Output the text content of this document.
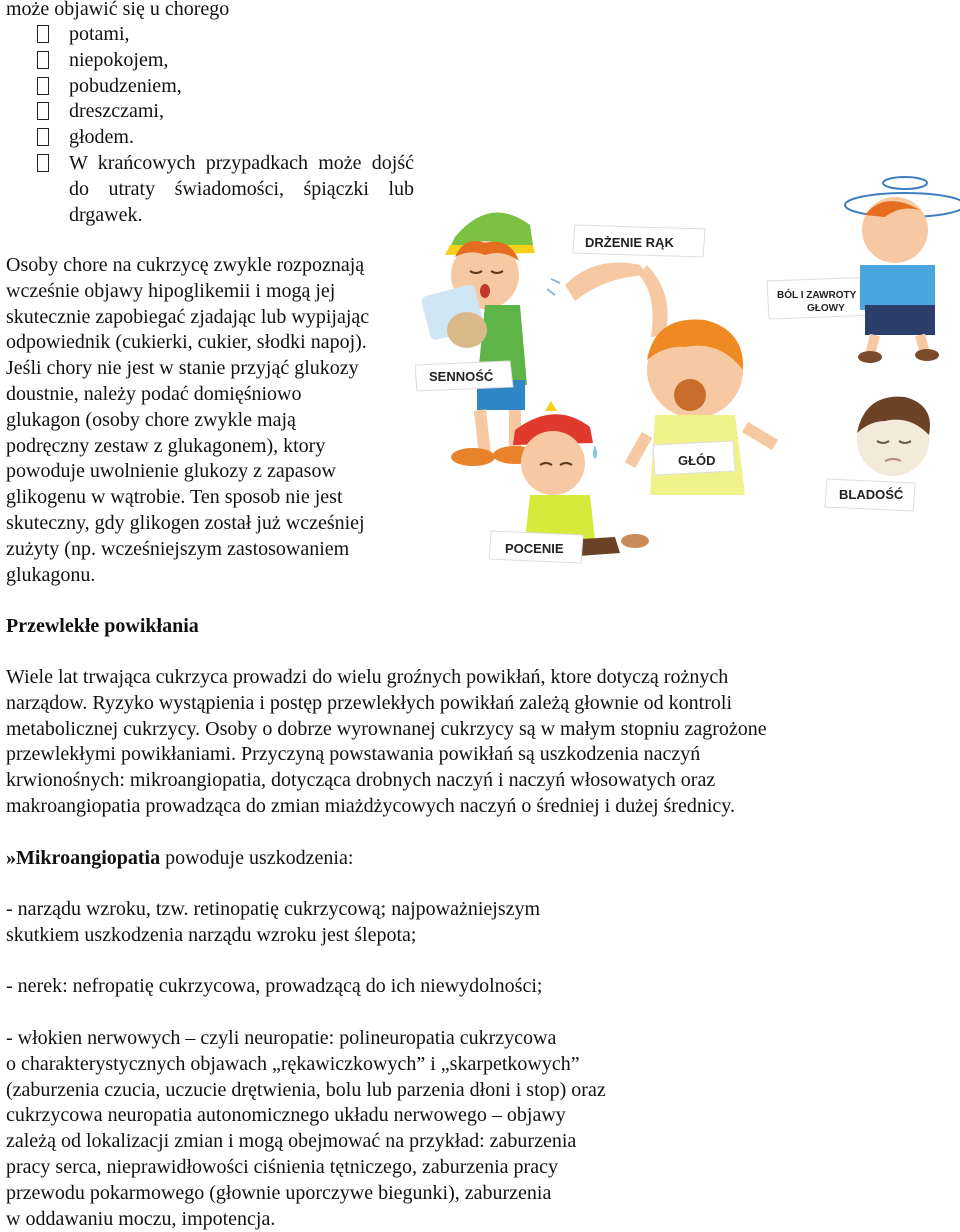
może objawić się u chorego
potami,
niepokojem,
pobudzeniem,
dreszczami,
głodem.
W krańcowych przypadkach może dojść do utraty świadomości, śpiączki lub drgawek.
Osoby chore na cukrzycę zwykle rozpoznają
wcześnie objawy hipoglikemii i mogą jej
skutecznie zapobiegać zjadając lub wypijając
odpowiednik (cukierki, cukier, słodki napoj).
Jeśli chory nie jest w stanie przyjąć glukozy
doustnie, należy podać domięśniowo
glukagon (osoby chore zwykle mają
podręczny zestaw z glukagonem), ktory
powoduje uwolnienie glukozy z zapasow
glikogenu w wątrobie. Ten sposob nie jest
skuteczny, gdy glikogen został już wcześniej
zużyty (np. wcześniejszym zastosowaniem
glukagonu.
SENNOŚĆ
DRŻENIE RĄK
BÓL I ZAWROTY
GŁOWY
GŁÓD
POCENIE
BLADOŚĆ
Przewlekłe powikłania
Wiele lat trwająca cukrzyca prowadzi do wielu groźnych powikłań, ktore dotyczą rożnych
narządow. Ryzyko wystąpienia i postęp przewlekłych powikłań zależą głownie od kontroli
metabolicznej cukrzycy. Osoby o dobrze wyrownanej cukrzycy są w małym stopniu zagrożone
przewlekłymi powikłaniami. Przyczyną powstawania powikłań są uszkodzenia naczyń
krwionośnych: mikroangiopatia, dotycząca drobnych naczyń i naczyń włosowatych oraz
makroangiopatia prowadząca do zmian miażdżycowych naczyń o średniej i dużej średnicy.
»Mikroangiopatia powoduje uszkodzenia:
- narządu wzroku, tzw. retinopatię cukrzycową; najpoważniejszym
skutkiem uszkodzenia narządu wzroku jest ślepota;
- nerek: nefropatię cukrzycowa, prowadzącą do ich niewydolności;
- włokien nerwowych – czyli neuropatie: polineuropatia cukrzycowa
o charakterystycznych objawach „rękawiczkowych” i „skarpetkowych”
(zaburzenia czucia, uczucie drętwienia, bolu lub parzenia dłoni i stop) oraz
cukrzycowa neuropatia autonomicznego układu nerwowego – objawy
zależą od lokalizacji zmian i mogą obejmować na przykład: zaburzenia
pracy serca, nieprawidłowości ciśnienia tętniczego, zaburzenia pracy
przewodu pokarmowego (głownie uporczywe biegunki), zaburzenia
w oddawaniu moczu, impotencja.
